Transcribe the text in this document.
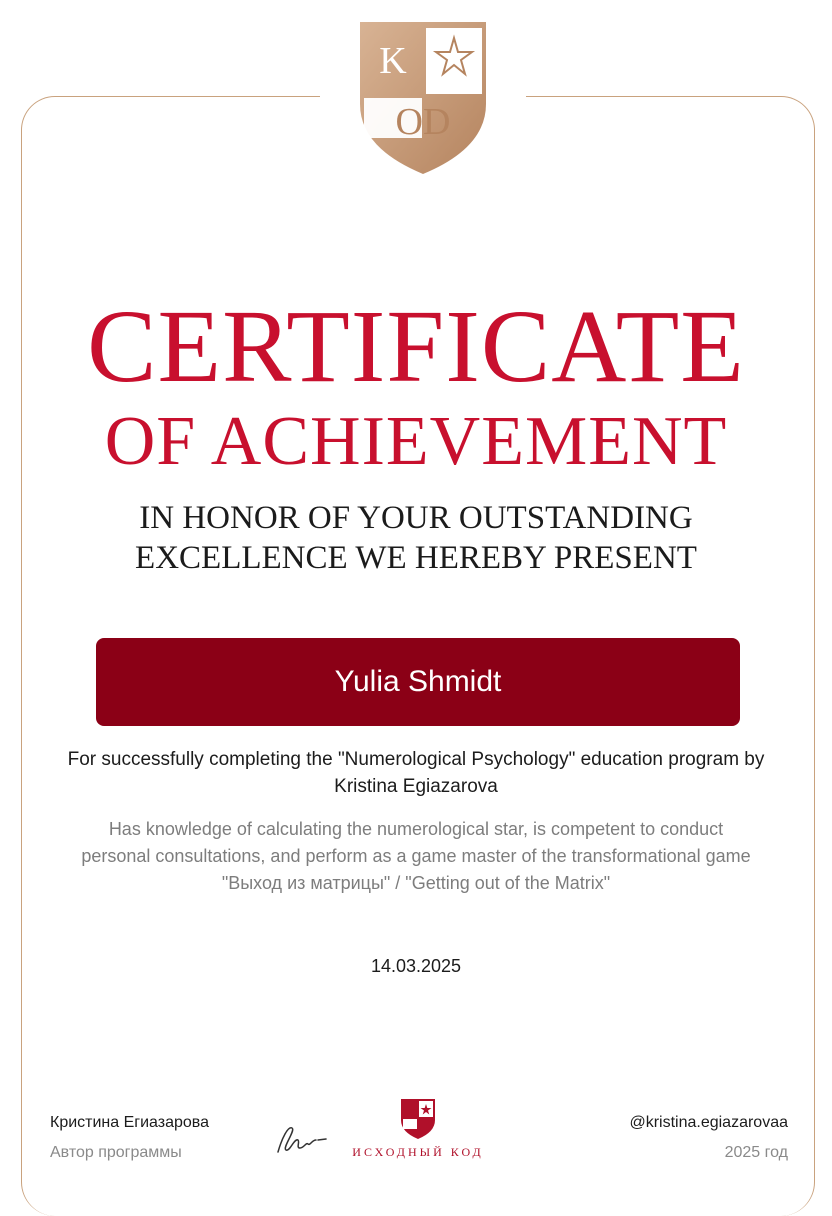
K
OD
CERTIFICATE
OF ACHIEVEMENT
IN HONOR OF YOUR OUTSTANDING
EXCELLENCE WE HEREBY PRESENT
Yulia Shmidt
For successfully completing the "Numerological Psychology" education program by Kristina Egiazarova
Has knowledge of calculating the numerological star, is competent to conduct personal consultations, and perform as a game master of the transformational game "Выход из матрицы" / "Getting out of the Matrix"
14.03.2025
Кристина Егиазарова
Автор программы	ИСХОДНЫЙ КОД
@kristina.egiazarovaa
2025 год
